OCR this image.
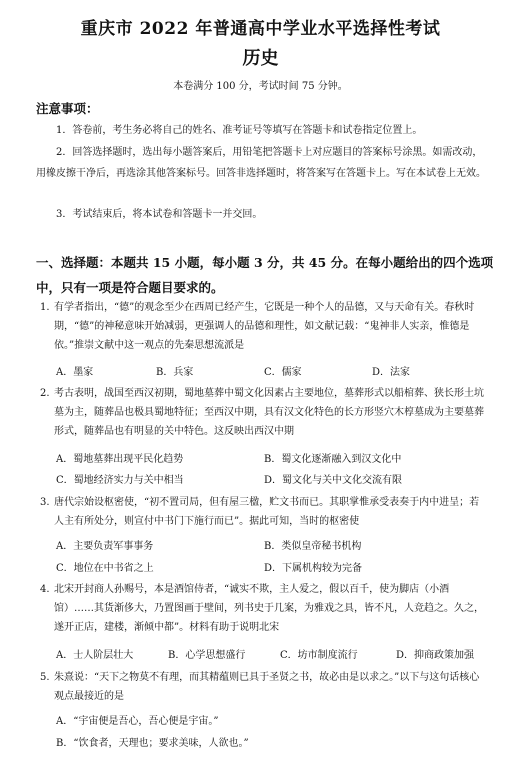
重庆市 2022 年普通高中学业水平选择性考试
历史
本卷满分 100 分，考试时间 75 分钟。
注意事项：
1．答卷前，考生务必将自己的姓名、准考证号等填写在答题卡和试卷指定位置上。
2．回答选择题时，选出每小题答案后，用铅笔把答题卡上对应题目的答案标号涂黑。如需改动，用橡皮擦干净后，再选涂其他答案标号。回答非选择题时，将答案写在答题卡上。写在本试卷上无效。
3．考试结束后，将本试卷和答题卡一并交回。
一、选择题：本题共 15 小题，每小题 3 分，共 45 分。在每小题给出的四个选项中，只有一项是符合题目要求的。
1. 有学者指出，“德”的观念至少在西周已经产生，它既是一种个人的品德，又与天命有关。春秋时期，“德”的神秘意味开始减弱，更强调人的品德和理性，如文献记载：“鬼神非人实亲，惟德是依。”推崇文献中这一观点的先秦思想流派是
A．墨家	B．兵家	C．儒家	D．法家
2. 考古表明，战国至西汉初期，蜀地墓葬中蜀文化因素占主要地位，墓葬形式以船棺葬、狭长形土坑墓为主，随葬品也极具蜀地特征；至西汉中期，具有汉文化特色的长方形竖穴木椁墓成为主要墓葬形式，随葬品也有明显的关中特色。这反映出西汉中期
A．蜀地墓葬出现平民化趋势	B．蜀文化逐渐融入到汉文化中
C．蜀地经济实力与关中相当	D．蜀文化与关中文化交流有限
3. 唐代宗始设枢密使，“初不置司局，但有屋三楹，贮文书而已。其职掌惟承受表奏于内中进呈；若人主有所处分，则宣付中书门下施行而已”。据此可知，当时的枢密使
A．主要负责军事事务	B．类似皇帝秘书机构
C．地位在中书省之上	D．下属机构较为完备
4. 北宋开封商人孙赐号，本是酒馆侍者，“诚实不欺，主人爱之，假以百千，使为脚店（小酒馆）……其货渐侈大，乃置图画于壁间，列书史于几案，为雅戏之具，皆不凡，人竞趋之。久之，遂开正店，建楼，渐倾中都”。材料有助于说明北宋
A．士人阶层壮大	B．心学思想盛行	C．坊市制度流行	D．抑商政策加强
5. 朱熹说：“天下之物莫不有理，而其精蕴则已具于圣贤之书，故必由是以求之。”以下与这句话核心观点最接近的是
A．“宇宙便是吾心，吾心便是宇宙。”
B．“饮食者，天理也；要求美味，人欲也。”
